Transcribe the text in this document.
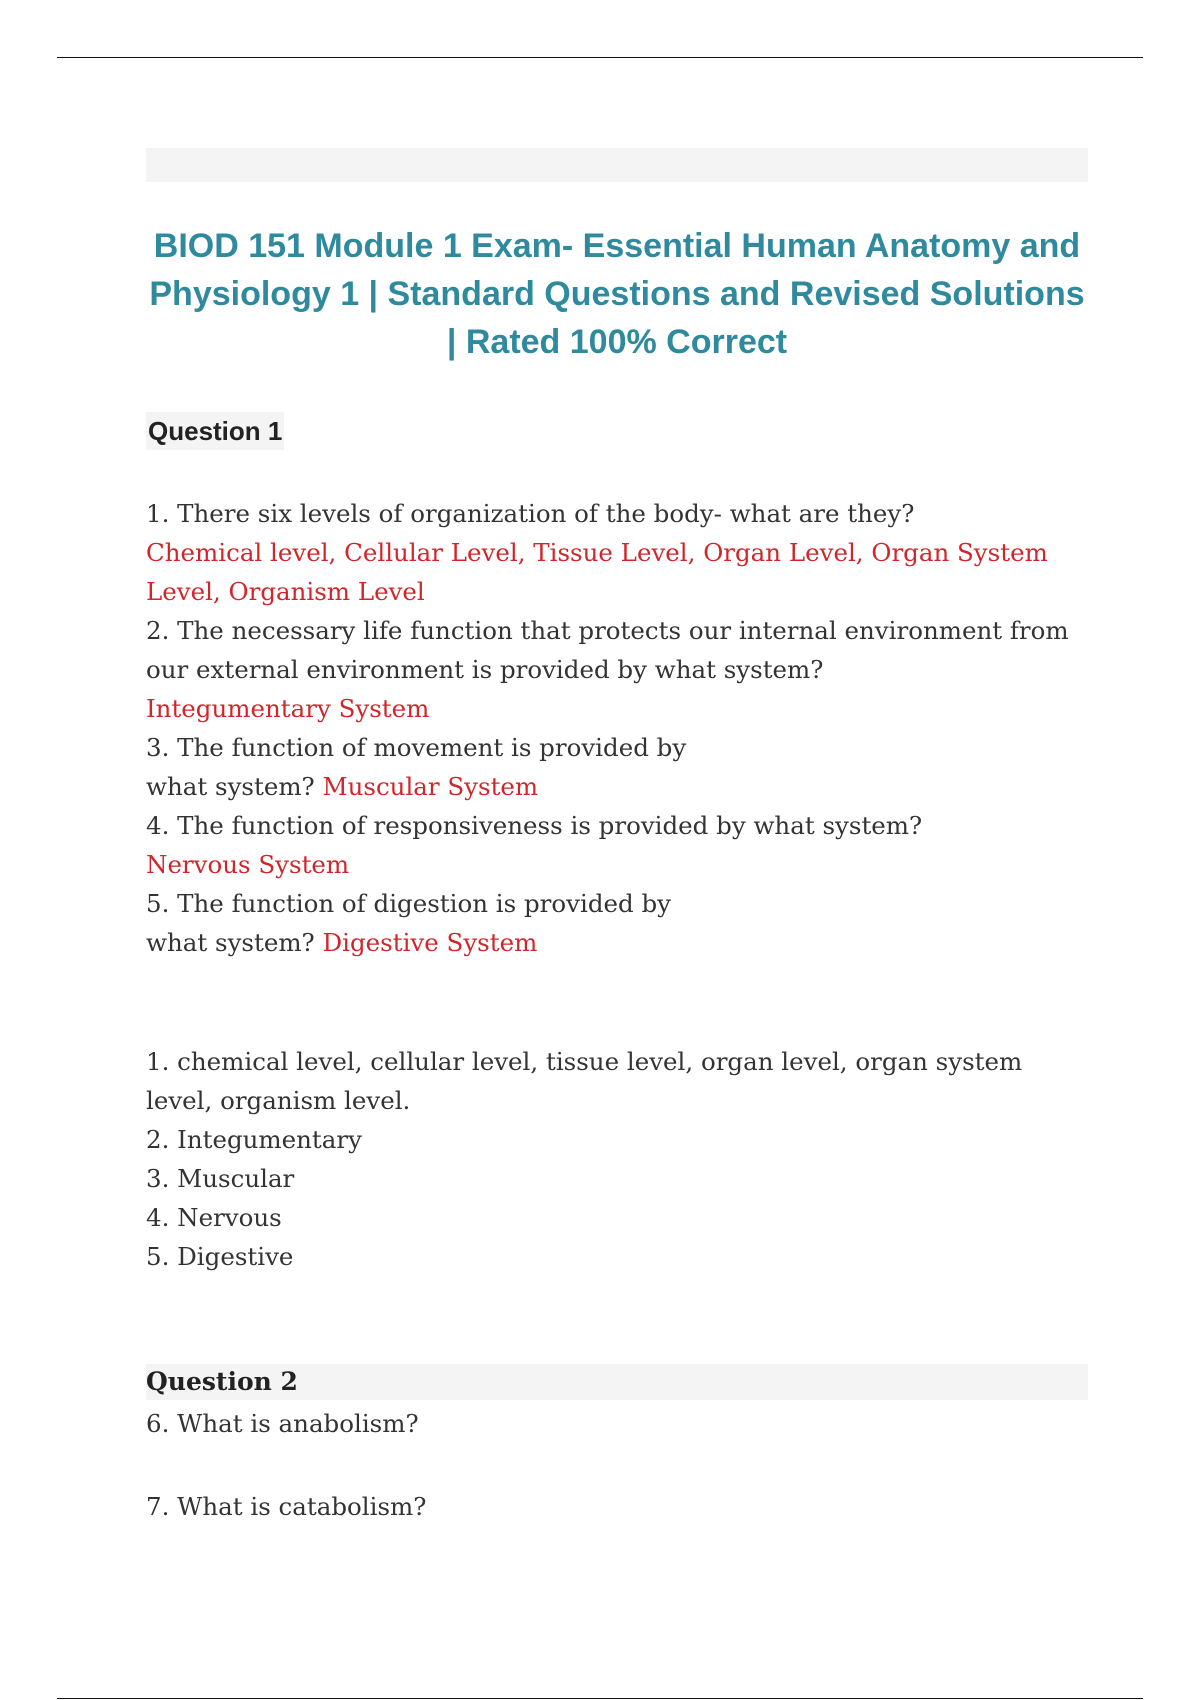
BIOD 151 Module 1 Exam- Essential Human Anatomy and Physiology 1 | Standard Questions and Revised Solutions | Rated 100% Correct
Question 1

1. There six levels of organization of the body- what are they?
Chemical level, Cellular Level, Tissue Level, Organ Level, Organ System Level, Organism Level

2. The necessary life function that protects our internal environment from our external environment is provided by what system?
Integumentary System

3. The function of movement is provided by what system? Muscular System

4. The function of responsiveness is provided by what system?
Nervous System

5. The function of digestion is provided by what system? Digestive System

1. chemical level, cellular level, tissue level, organ level, organ system level, organism level.

2. Integumentary

3. Muscular

4. Nervous

5. Digestive

Question 2

6. What is anabolism?

7. What is catabolism?
